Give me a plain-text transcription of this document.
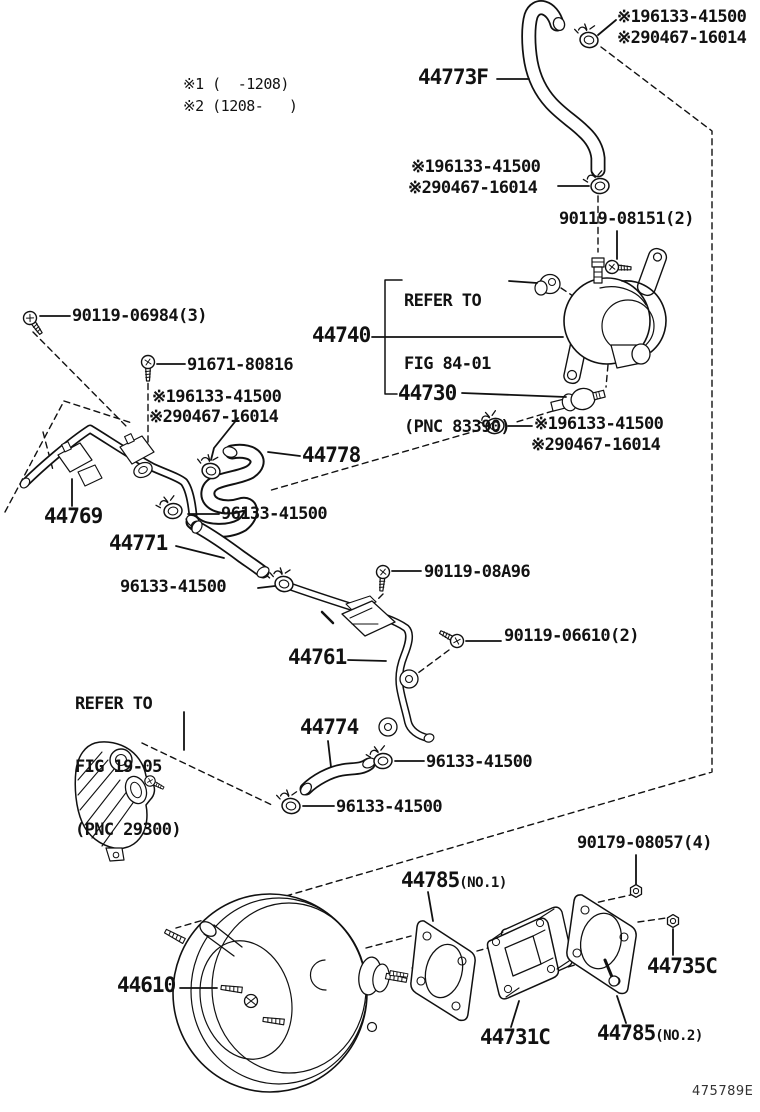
※196133-41500
※290467-16014
44773F
※1 (  -1208)
※2 (1208-   )
※196133-41500
※290467-16014
90119-08151(2)

REFER TO

FIG 84-01

(PNC 83390)

44740
44730
90119-06984(3)
91671-80816
※196133-41500
※290467-16014
44778
※196133-41500
※290467-16014
44769	96133-41500
44771
96133-41500
90119-08A96
90119-06610(2)
44761

REFER TO

FIG 19-05

(PNC 29300)

44774
96133-41500
96133-41500
90179-08057(4)
44785(NO.1)
44735C
44610
44731C 44785(NO.2)
475789E
